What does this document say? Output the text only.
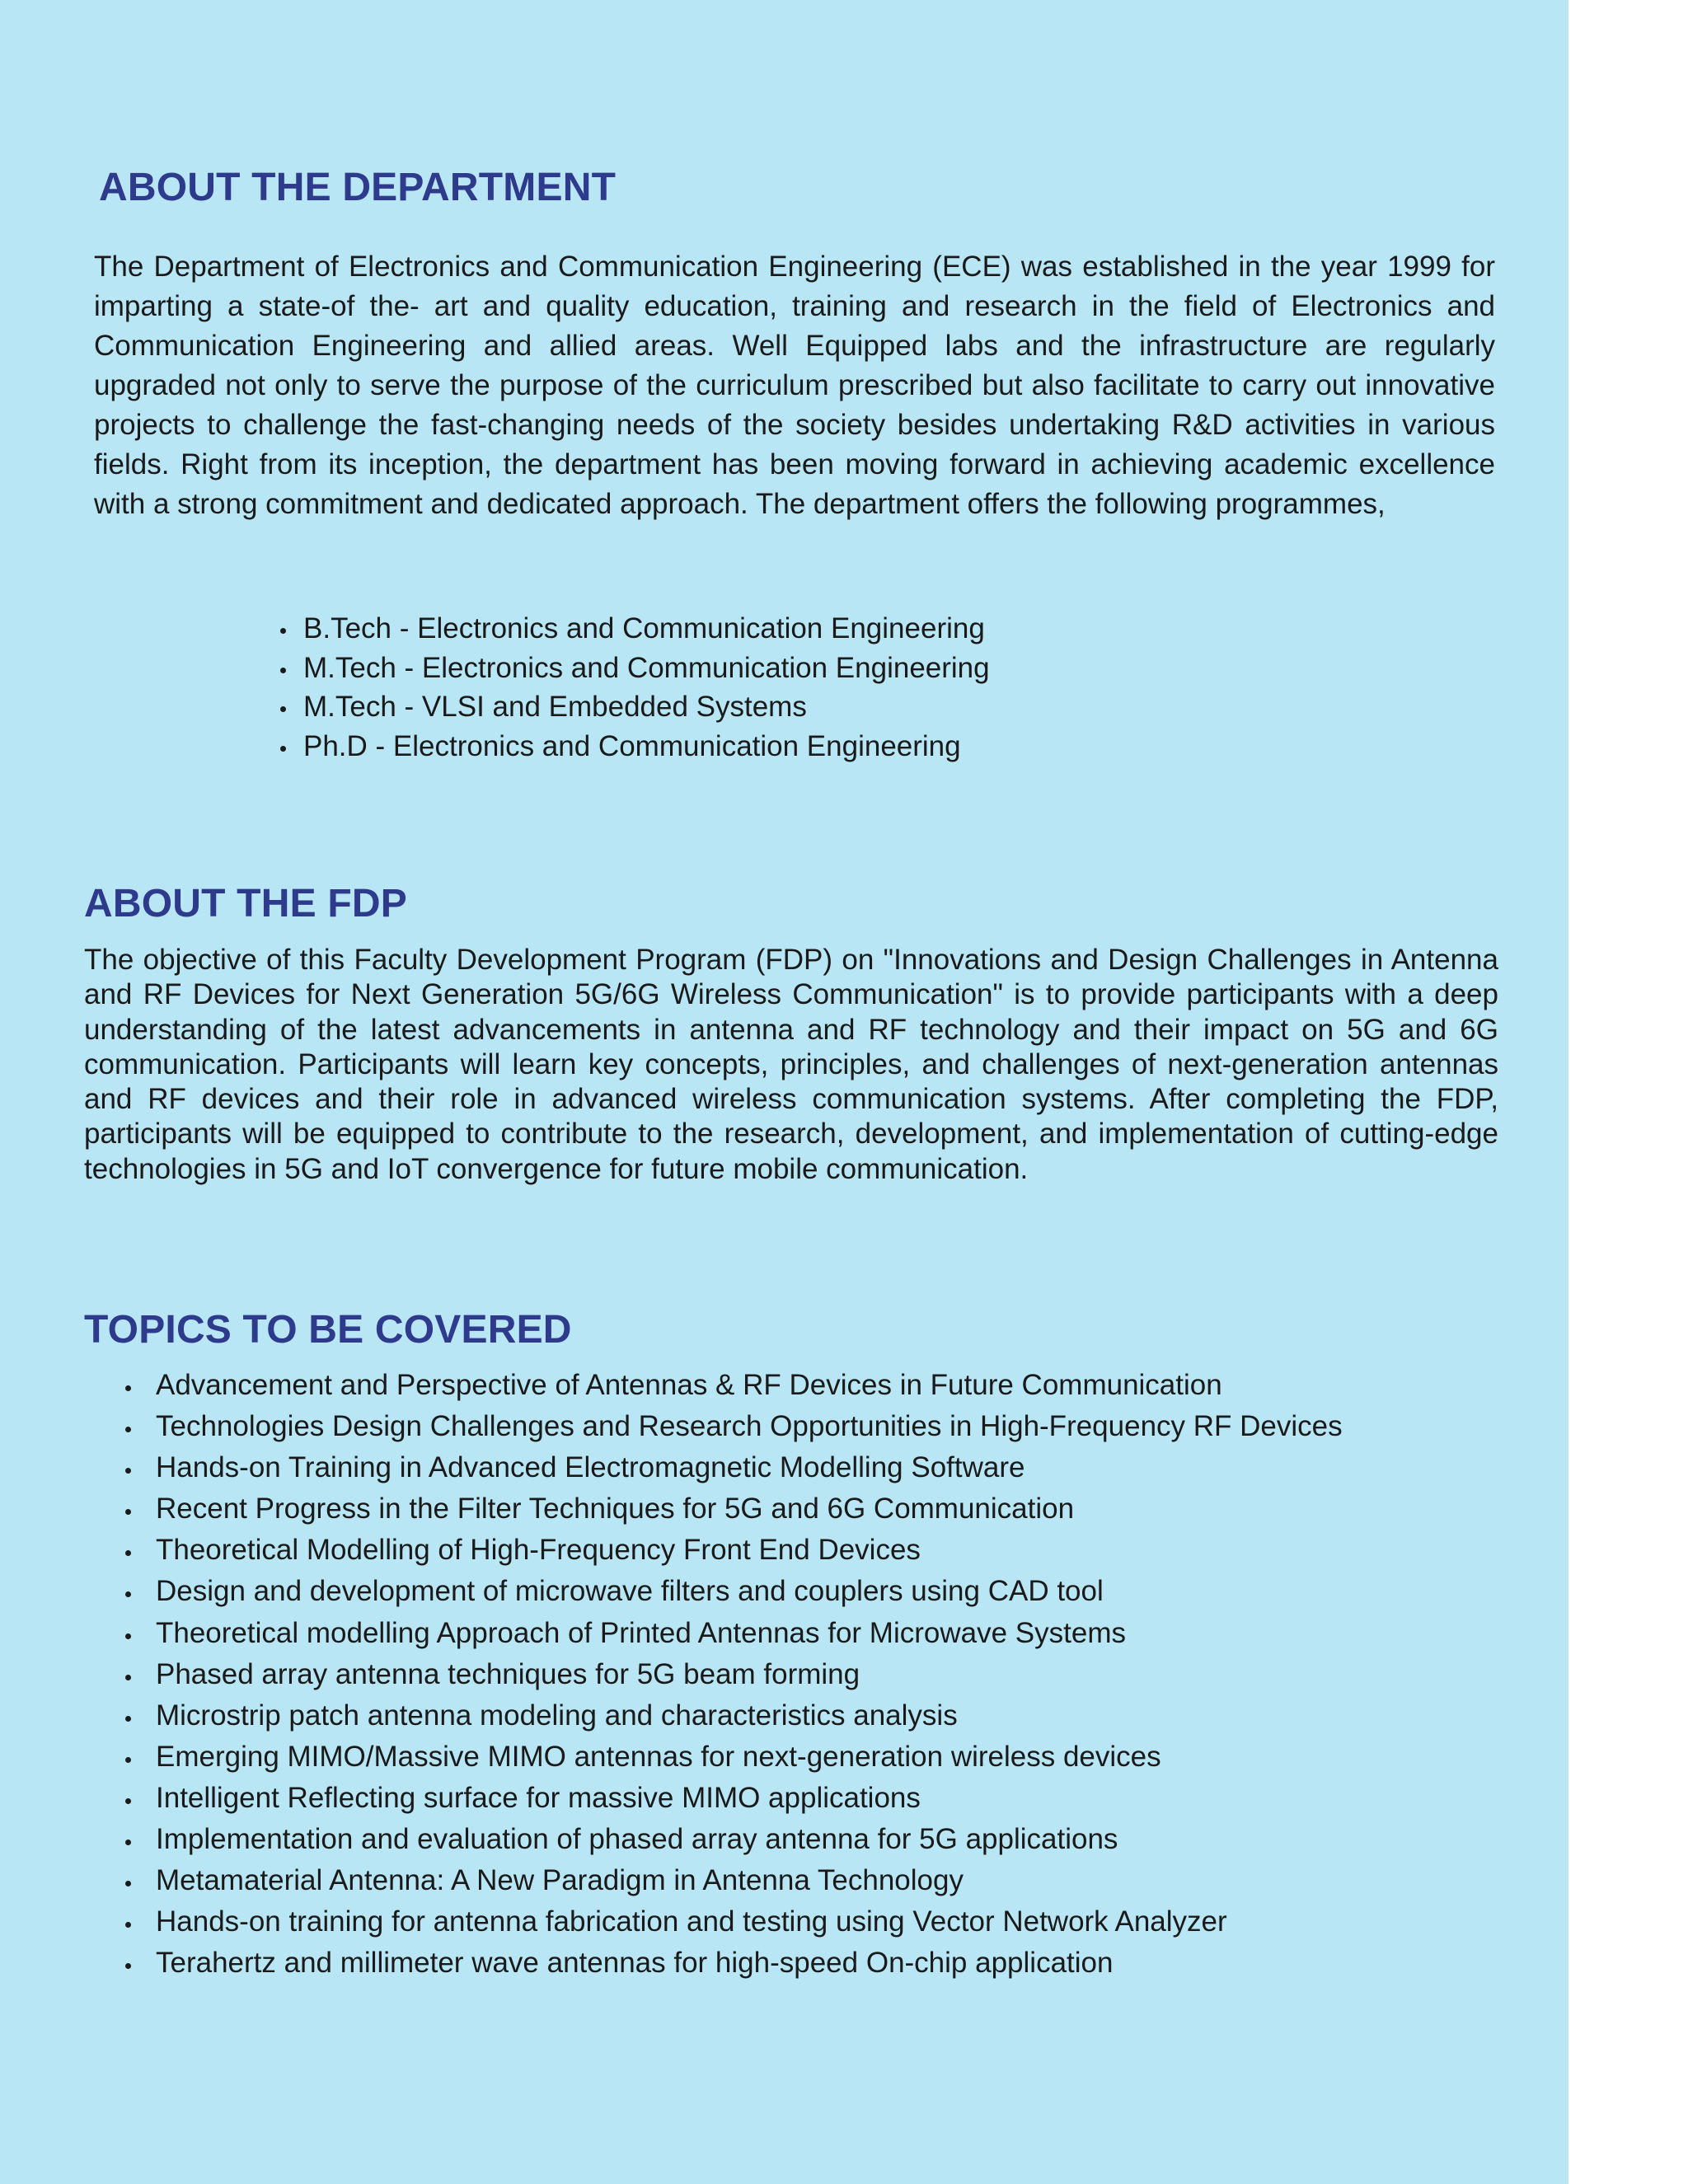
ABOUT THE DEPARTMENT

The Department of Electronics and Communication Engineering (ECE) was established in the year 1999 for imparting a state-of the- art and quality education, training and research in the field of Electronics and Communication Engineering and allied areas. Well Equipped labs and the infrastructure are regularly upgraded not only to serve the purpose of the curriculum prescribed but also facilitate to carry out innovative projects to challenge the fast-changing needs of the society besides undertaking R&D activities in various fields. Right from its inception, the department has been moving forward in achieving academic excellence with a strong commitment and dedicated approach. The department offers the following programmes,

B.Tech - Electronics and Communication Engineering
M.Tech - Electronics and Communication Engineering
M.Tech - VLSI and Embedded Systems
Ph.D - Electronics and Communication Engineering
ABOUT THE FDP

The objective of this Faculty Development Program (FDP) on "Innovations and Design Challenges in Antenna and RF Devices for Next Generation 5G/6G Wireless Communication" is to provide participants with a deep understanding of the latest advancements in antenna and RF technology and their impact on 5G and 6G communication. Participants will learn key concepts, principles, and challenges of next-generation antennas and RF devices and their role in advanced wireless communication systems. After completing the FDP, participants will be equipped to contribute to the research, development, and implementation of cutting-edge technologies in 5G and IoT convergence for future mobile communication.

TOPICS TO BE COVERED
Advancement and Perspective of Antennas & RF Devices in Future Communication
Technologies Design Challenges and Research Opportunities in High-Frequency RF Devices
Hands-on Training in Advanced Electromagnetic Modelling Software
Recent Progress in the Filter Techniques for 5G and 6G Communication
Theoretical Modelling of High-Frequency Front End Devices
Design and development of microwave filters and couplers using CAD tool
Theoretical modelling Approach of Printed Antennas for Microwave Systems
Phased array antenna techniques for 5G beam forming
Microstrip patch antenna modeling and characteristics analysis
Emerging MIMO/Massive MIMO antennas for next-generation wireless devices
Intelligent Reflecting surface for massive MIMO applications
Implementation and evaluation of phased array antenna for 5G applications
Metamaterial Antenna: A New Paradigm in Antenna Technology
Hands-on training for antenna fabrication and testing using Vector Network Analyzer
Terahertz and millimeter wave antennas for high-speed On-chip application
